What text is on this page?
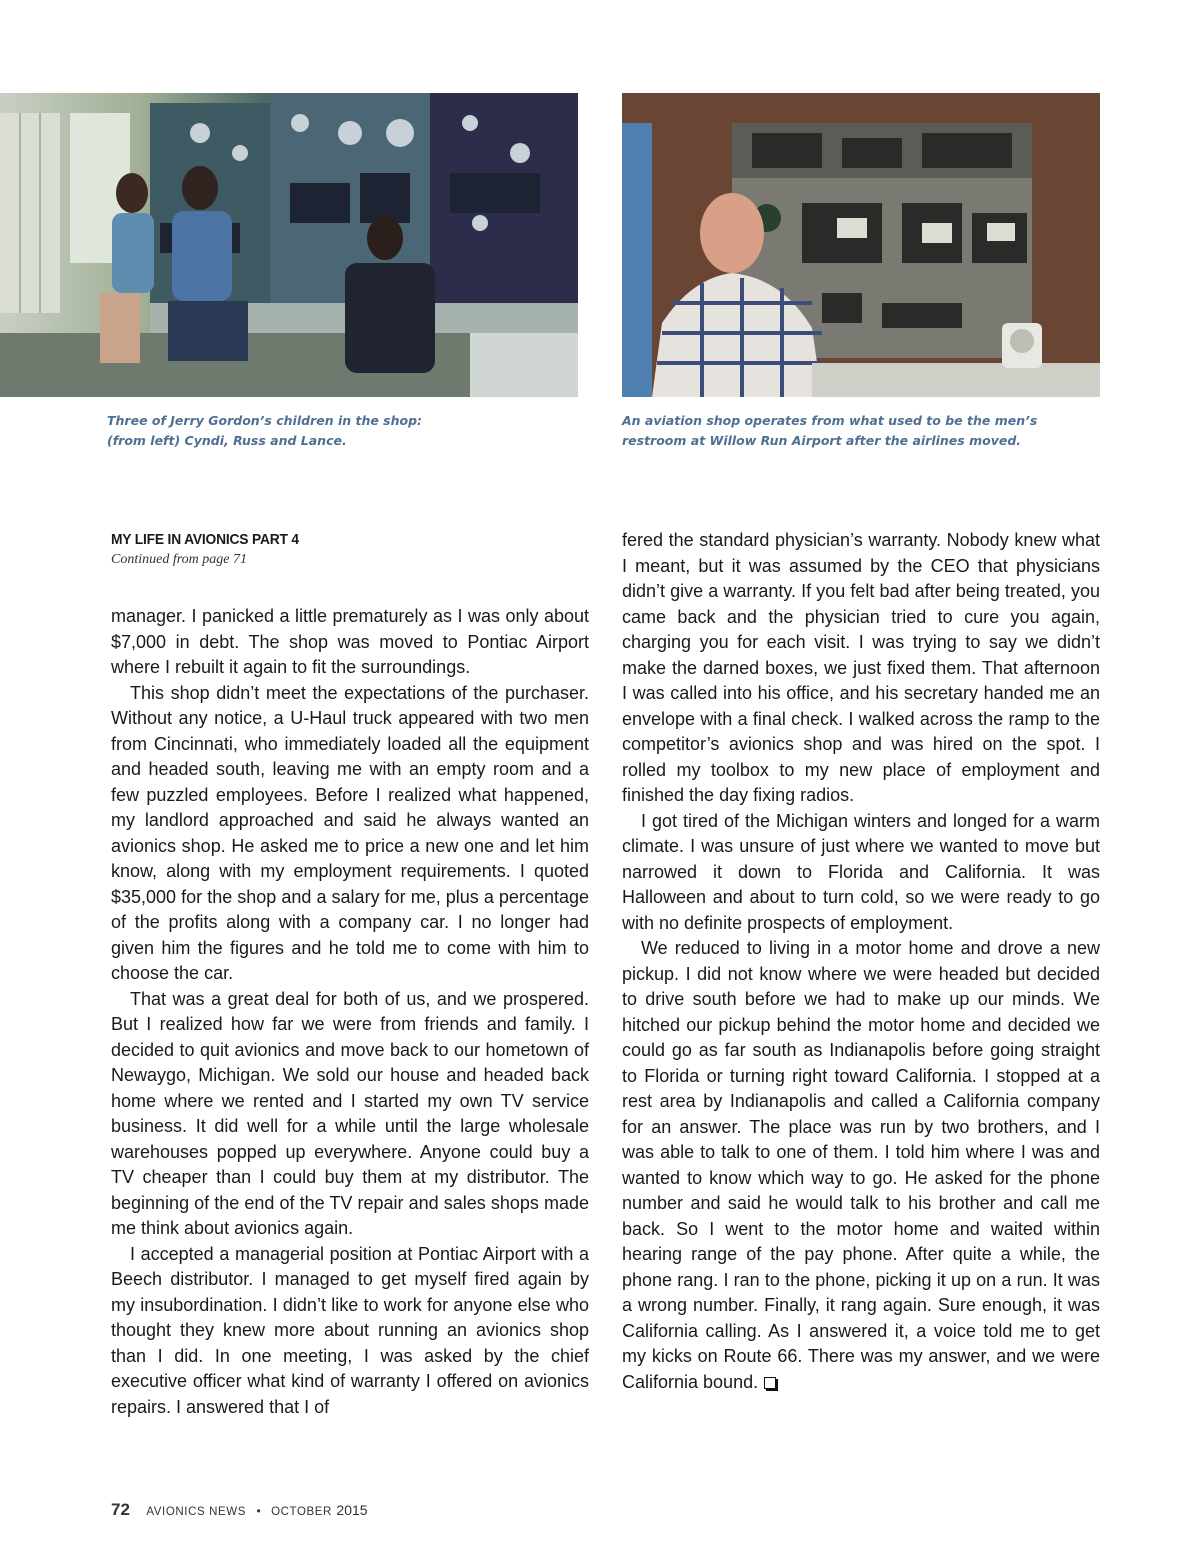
Three of Jerry Gordon’s children in the shop:
(from left) Cyndi, Russ and Lance.
An aviation shop operates from what used to be the men’s
restroom at Willow Run Airport after the airlines moved.
MY LIFE IN AVIONICS PART 4
Continued from page 71

manager. I panicked a little prematurely as I was only about $7,000 in debt. The shop was moved to Pontiac Airport where I rebuilt it again to fit the surroundings.

This shop didn’t meet the expectations of the purchaser. Without any notice, a U-Haul truck appeared with two men from Cincinnati, who immediately loaded all the equipment and headed south, leaving me with an empty room and a few puzzled employees. Before I realized what happened, my landlord approached and said he always wanted an avionics shop. He asked me to price a new one and let him know, along with my employment requirements. I quoted $35,000 for the shop and a salary for me, plus a percentage of the profits along with a company car. I no longer had given him the figures and he told me to come with him to choose the car.

That was a great deal for both of us, and we prospered. But I realized how far we were from friends and family. I decided to quit avionics and move back to our hometown of Newaygo, Michigan. We sold our house and headed back home where we rented and I started my own TV service business. It did well for a while until the large wholesale warehouses popped up everywhere. Anyone could buy a TV cheaper than I could buy them at my distributor. The beginning of the end of the TV repair and sales shops made me think about avionics again.

I accepted a managerial position at Pontiac Airport with a Beech distributor. I managed to get myself fired again by my insubordination. I didn’t like to work for anyone else who thought they knew more about running an avionics shop than I did. In one meeting, I was asked by the chief executive officer what kind of warranty I offered on avionics repairs. I answered that I of

fered the standard physician’s warranty. Nobody knew what I meant, but it was assumed by the CEO that physicians didn’t give a warranty. If you felt bad after being treated, you came back and the physician tried to cure you again, charging you for each visit. I was trying to say we didn’t make the darned boxes, we just fixed them. That afternoon I was called into his office, and his secretary handed me an envelope with a final check. I walked across the ramp to the competitor’s avionics shop and was hired on the spot. I rolled my toolbox to my new place of employment and finished the day fixing radios.

I got tired of the Michigan winters and longed for a warm climate. I was unsure of just where we wanted to move but narrowed it down to Florida and California. It was Halloween and about to turn cold, so we were ready to go with no definite prospects of employment.

We reduced to living in a motor home and drove a new pickup. I did not know where we were headed but decided to drive south before we had to make up our minds. We hitched our pickup behind the motor home and decided we could go as far south as Indianapolis before going straight to Florida or turning right toward California. I stopped at a rest area by Indianapolis and called a California company for an answer. The place was run by two brothers, and I was able to talk to one of them. I told him where I was and wanted to know which way to go. He asked for the phone number and said he would talk to his brother and call me back. So I went to the motor home and waited within hearing range of the pay phone. After quite a while, the phone rang. I ran to the phone, picking it up on a run. It was a wrong number. Finally, it rang again. Sure enough, it was California calling. As I answered it, a voice told me to get my kicks on Route 66. There was my answer, and we were California bound.

72 AVIONICS NEWS • OCTOBER 2015
